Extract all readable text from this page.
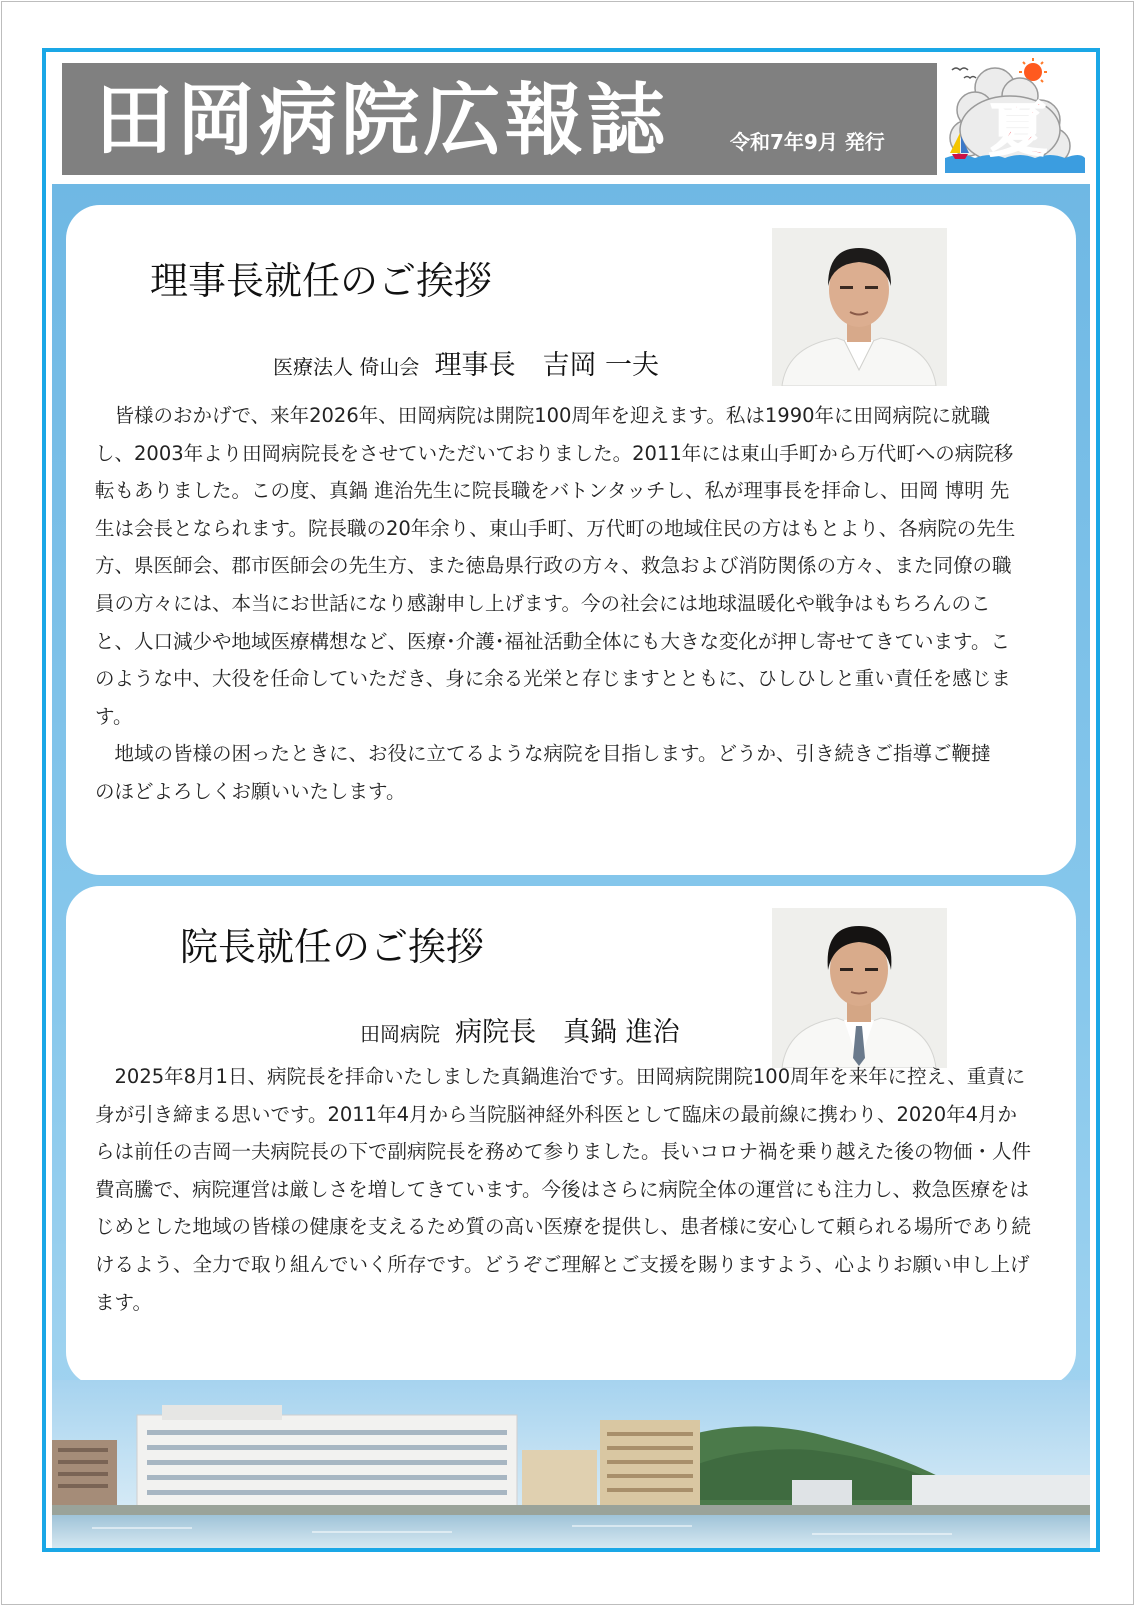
田岡病院広報誌	令和7年9月 発行 夏
理事長就任のご挨拶
医療法人 倚山会 理事長　吉岡 一夫

　皆様のおかげで、来年2026年、田岡病院は開院100周年を迎えます。私は1990年に田岡病院に就職し、2003年より田岡病院長をさせていただいておりました。2011年には東山手町から万代町への病院移転もありました。この度、真鍋 進治先生に院長職をバトンタッチし、私が理事長を拝命し、田岡 博明 先生は会長となられます。院長職の20年余り、東山手町、万代町の地域住民の方はもとより、各病院の先生方、県医師会、郡市医師会の先生方、また徳島県行政の方々、救急および消防関係の方々、また同僚の職員の方々には、本当にお世話になり感謝申し上げます。今の社会には地球温暖化や戦争はもちろんのこと、人口減少や地域医療構想など、医療･介護･福祉活動全体にも大きな変化が押し寄せてきています。このような中、大役を任命していただき、身に余る光栄と存じますとともに、ひしひしと重い責任を感じます。

　地域の皆様の困ったときに、お役に立てるような病院を目指します。どうか、引き続きご指導ご鞭撻のほどよろしくお願いいたします。

院長就任のご挨拶
田岡病院 病院長　真鍋 進治

　2025年8月1日、病院長を拝命いたしました真鍋進治です。田岡病院開院100周年を来年に控え、重責に身が引き締まる思いです。2011年4月から当院脳神経外科医として臨床の最前線に携わり、2020年4月からは前任の吉岡一夫病院長の下で副病院長を務めて参りました。長いコロナ禍を乗り越えた後の物価・人件費高騰で、病院運営は厳しさを増してきています。今後はさらに病院全体の運営にも注力し、救急医療をはじめとした地域の皆様の健康を支えるため質の高い医療を提供し、患者様に安心して頼られる場所であり続けるよう、全力で取り組んでいく所存です。どうぞご理解とご支援を賜りますよう、心よりお願い申し上げます。
